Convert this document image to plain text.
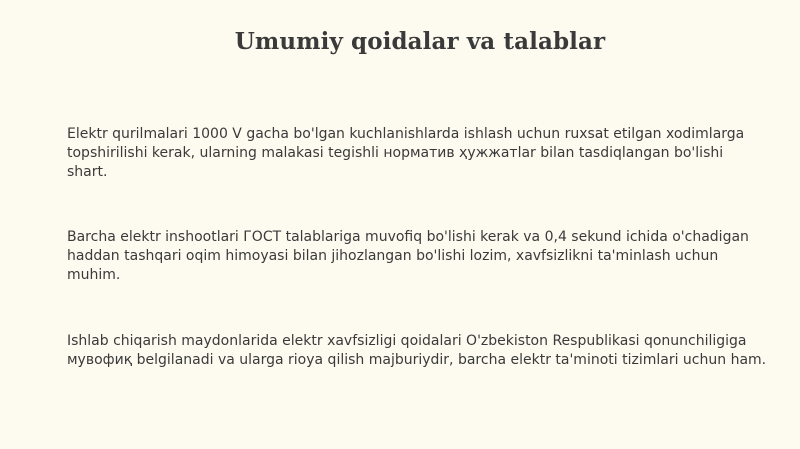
Umumiy qoidalar va talablar

Elektr qurilmalari 1000 V gacha bo'lgan kuchlanishlarda ishlash uchun ruxsat etilgan xodimlarga topshirilishi kerak, ularning malakasi tegishli норматив ҳужжатlar bilan tasdiqlangan bo'lishi shart.

Barcha elektr inshootlari ГОСТ talablariga muvofiq bo'lishi kerak va 0,4 sekund ichida o'chadigan haddan tashqari oqim himoyasi bilan jihozlangan bo'lishi lozim, xavfsizlikni ta'minlash uchun muhim.

Ishlab chiqarish maydonlarida elektr xavfsizligi qoidalari O'zbekiston Respublikasi qonunchiligiga мувофиқ belgilanadi va ularga rioya qilish majburiydir, barcha elektr ta'minoti tizimlari uchun ham.
